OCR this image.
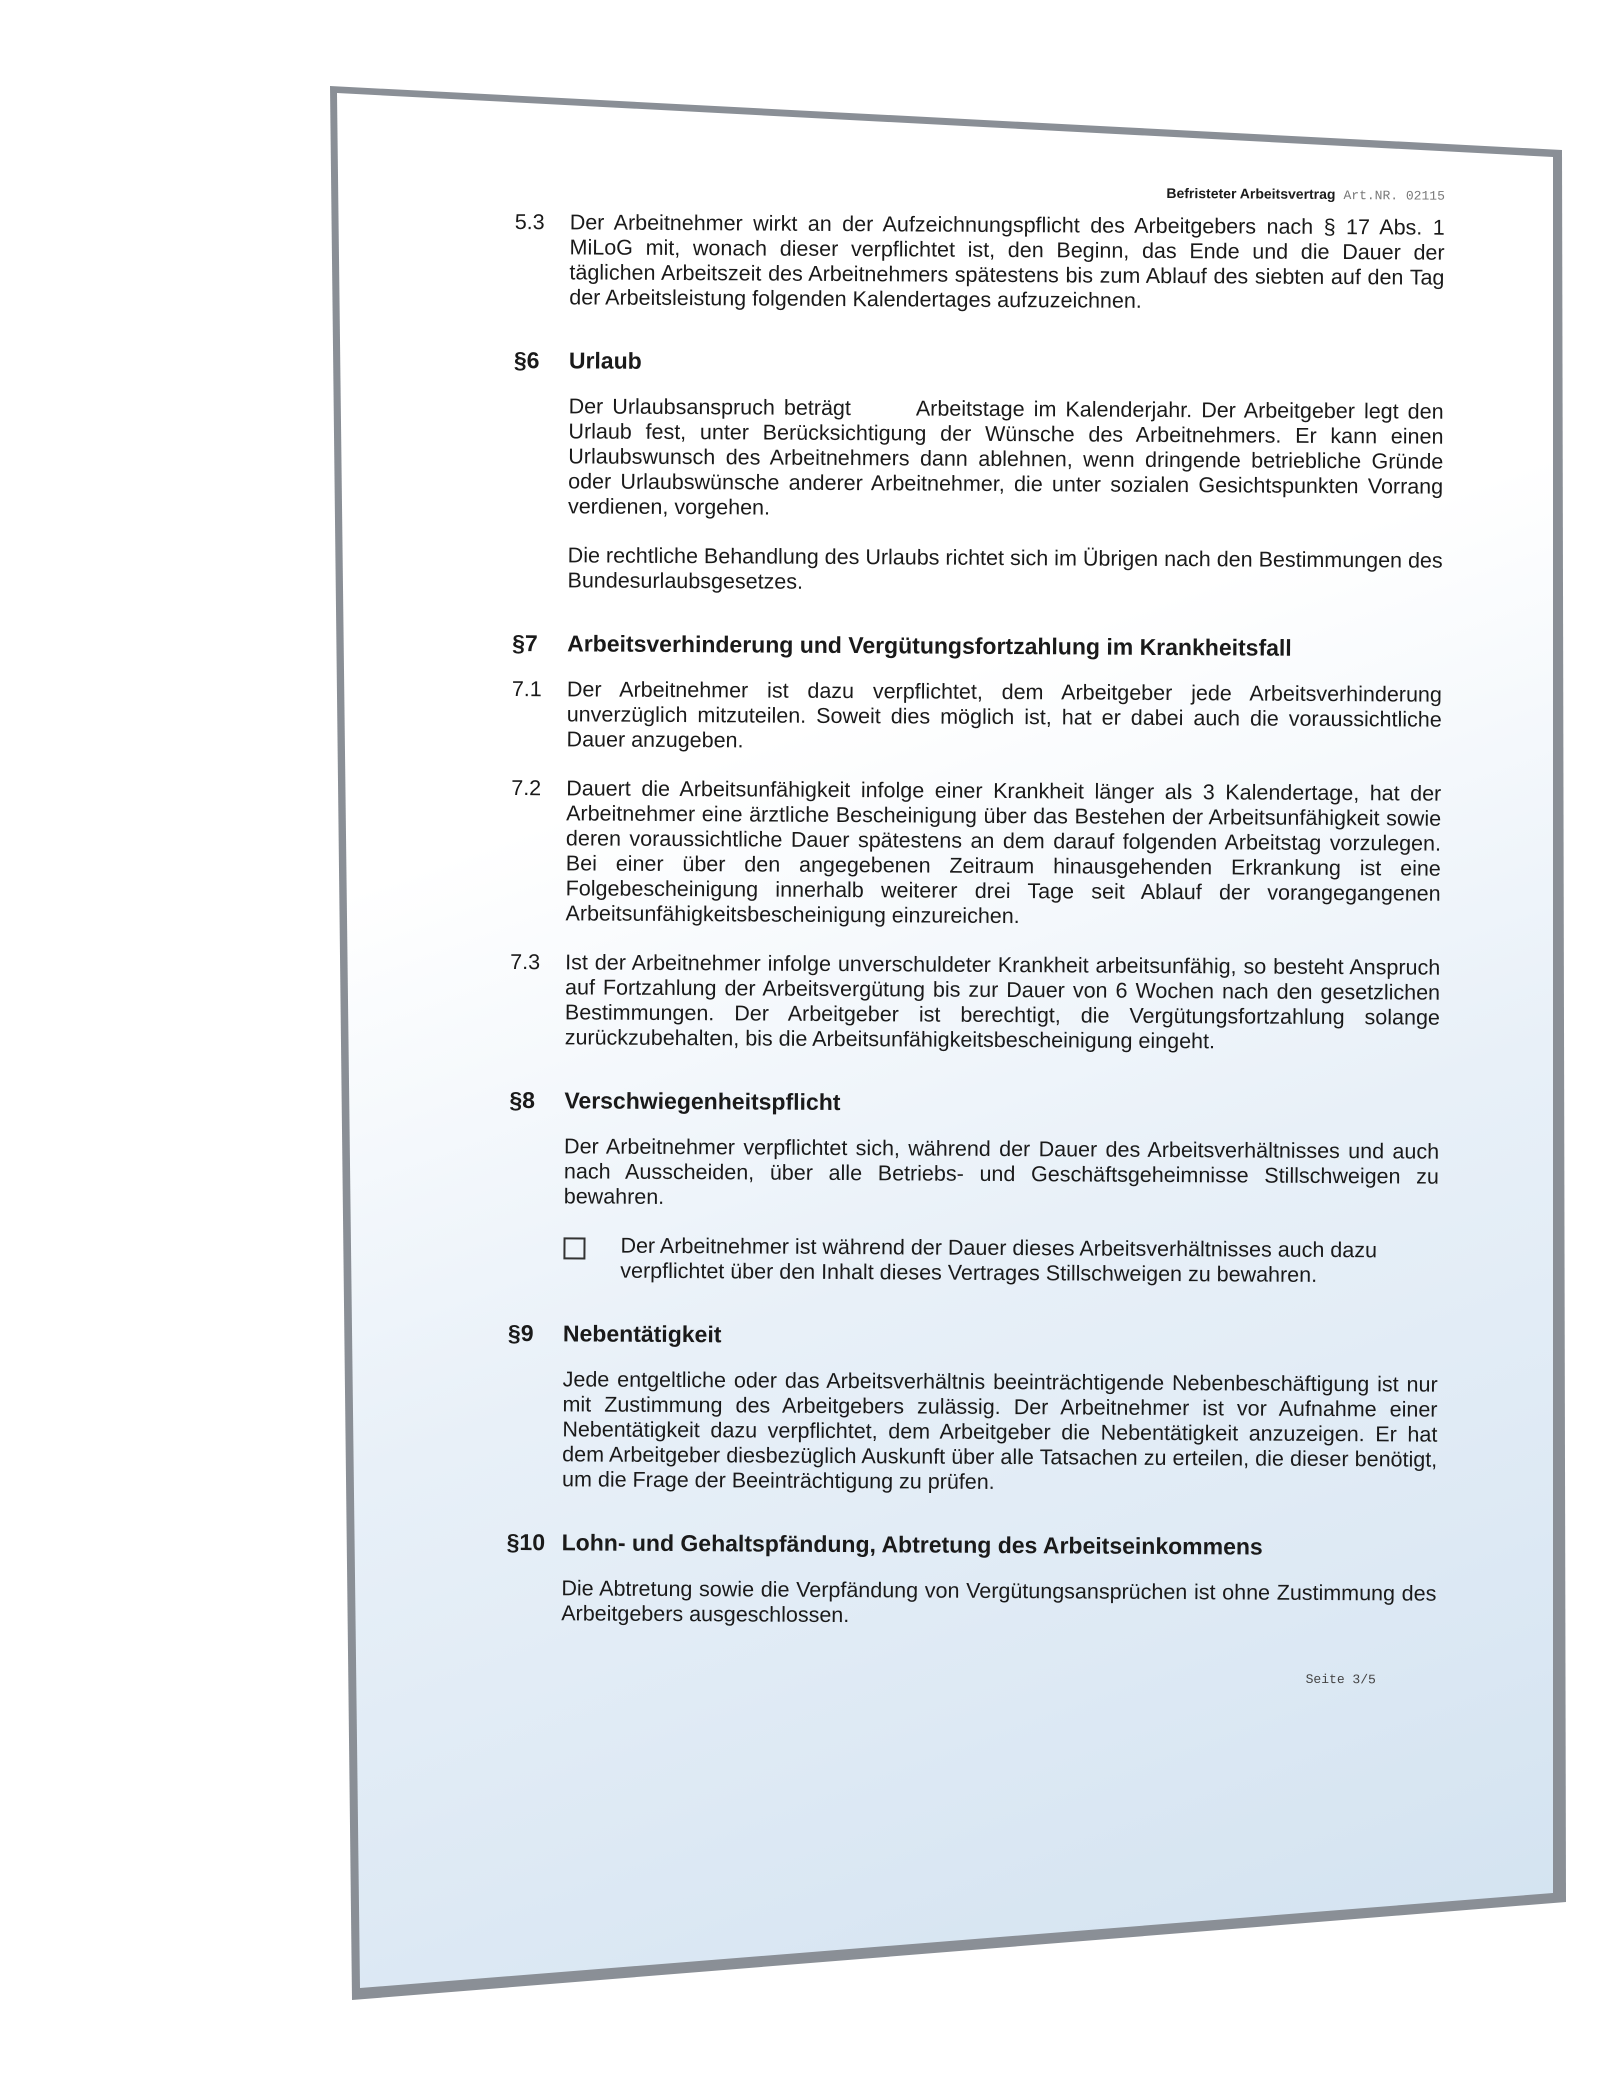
Befristeter Arbeitsvertrag Art.NR. 02115
5.3	Der Arbeitnehmer wirkt an der Aufzeichnungspflicht des Arbeitgebers nach § 17 Abs. 1 MiLoG mit, wonach dieser verpflichtet ist, den Beginn, das Ende und die Dauer der täglichen Arbeitszeit des Arbeitnehmers spätestens bis zum Ablauf des siebten auf den Tag der Arbeitsleistung folgenden Kalendertages aufzuzeichnen.
§6	Urlaub
Der Urlaubsanspruch beträgt	Arbeitstage im Kalenderjahr. Der Arbeitgeber legt den Urlaub fest, unter Berücksichtigung der Wünsche des Arbeitnehmers. Er kann einen Urlaubswunsch des Arbeitnehmers dann ablehnen, wenn dringende betriebliche Gründe oder Urlaubswünsche anderer Arbeitnehmer, die unter sozialen Gesichtspunkten Vorrang verdienen, vorgehen.
Die rechtliche Behandlung des Urlaubs richtet sich im Übrigen nach den Bestimmungen des Bundesurlaubsgesetzes.
§7	Arbeitsverhinderung und Vergütungsfortzahlung im Krankheitsfall
7.1	Der Arbeitnehmer ist dazu verpflichtet, dem Arbeitgeber jede Arbeitsverhinderung unverzüglich mitzuteilen. Soweit dies möglich ist, hat er dabei auch die voraussichtliche Dauer anzugeben.
7.2	Dauert die Arbeitsunfähigkeit infolge einer Krankheit länger als 3 Kalendertage, hat der Arbeitnehmer eine ärztliche Bescheinigung über das Bestehen der Arbeitsunfähigkeit sowie deren voraussichtliche Dauer spätestens an dem darauf folgenden Arbeitstag vorzulegen. Bei einer über den angegebenen Zeitraum hinausgehenden Erkrankung ist eine Folgebescheinigung innerhalb weiterer drei Tage seit Ablauf der vorangegangenen Arbeitsunfähigkeitsbescheinigung einzureichen.
7.3	Ist der Arbeitnehmer infolge unverschuldeter Krankheit arbeitsunfähig, so besteht Anspruch auf Fortzahlung der Arbeitsvergütung bis zur Dauer von 6 Wochen nach den gesetzlichen Bestimmungen. Der Arbeitgeber ist berechtigt, die Vergütungsfortzahlung solange zurückzubehalten, bis die Arbeitsunfähigkeitsbescheinigung eingeht.
§8	Verschwiegenheitspflicht
Der Arbeitnehmer verpflichtet sich, während der Dauer des Arbeitsverhältnisses und auch nach Ausscheiden, über alle Betriebs- und Geschäftsgeheimnisse Stillschweigen zu bewahren.
Der Arbeitnehmer ist während der Dauer dieses Arbeitsverhältnisses auch dazu verpflichtet über den Inhalt dieses Vertrages Stillschweigen zu bewahren.
§9	Nebentätigkeit
Jede entgeltliche oder das Arbeitsverhältnis beeinträchtigende Nebenbeschäftigung ist nur mit Zustimmung des Arbeitgebers zulässig. Der Arbeitnehmer ist vor Aufnahme einer Nebentätigkeit dazu verpflichtet, dem Arbeitgeber die Nebentätigkeit anzuzeigen. Er hat dem Arbeitgeber diesbezüglich Auskunft über alle Tatsachen zu erteilen, die dieser benötigt, um die Frage der Beeinträchtigung zu prüfen.
§10 Lohn- und Gehaltspfändung, Abtretung des Arbeitseinkommens
Die Abtretung sowie die Verpfändung von Vergütungsansprüchen ist ohne Zustimmung des Arbeitgebers ausgeschlossen.
Seite 3/5
